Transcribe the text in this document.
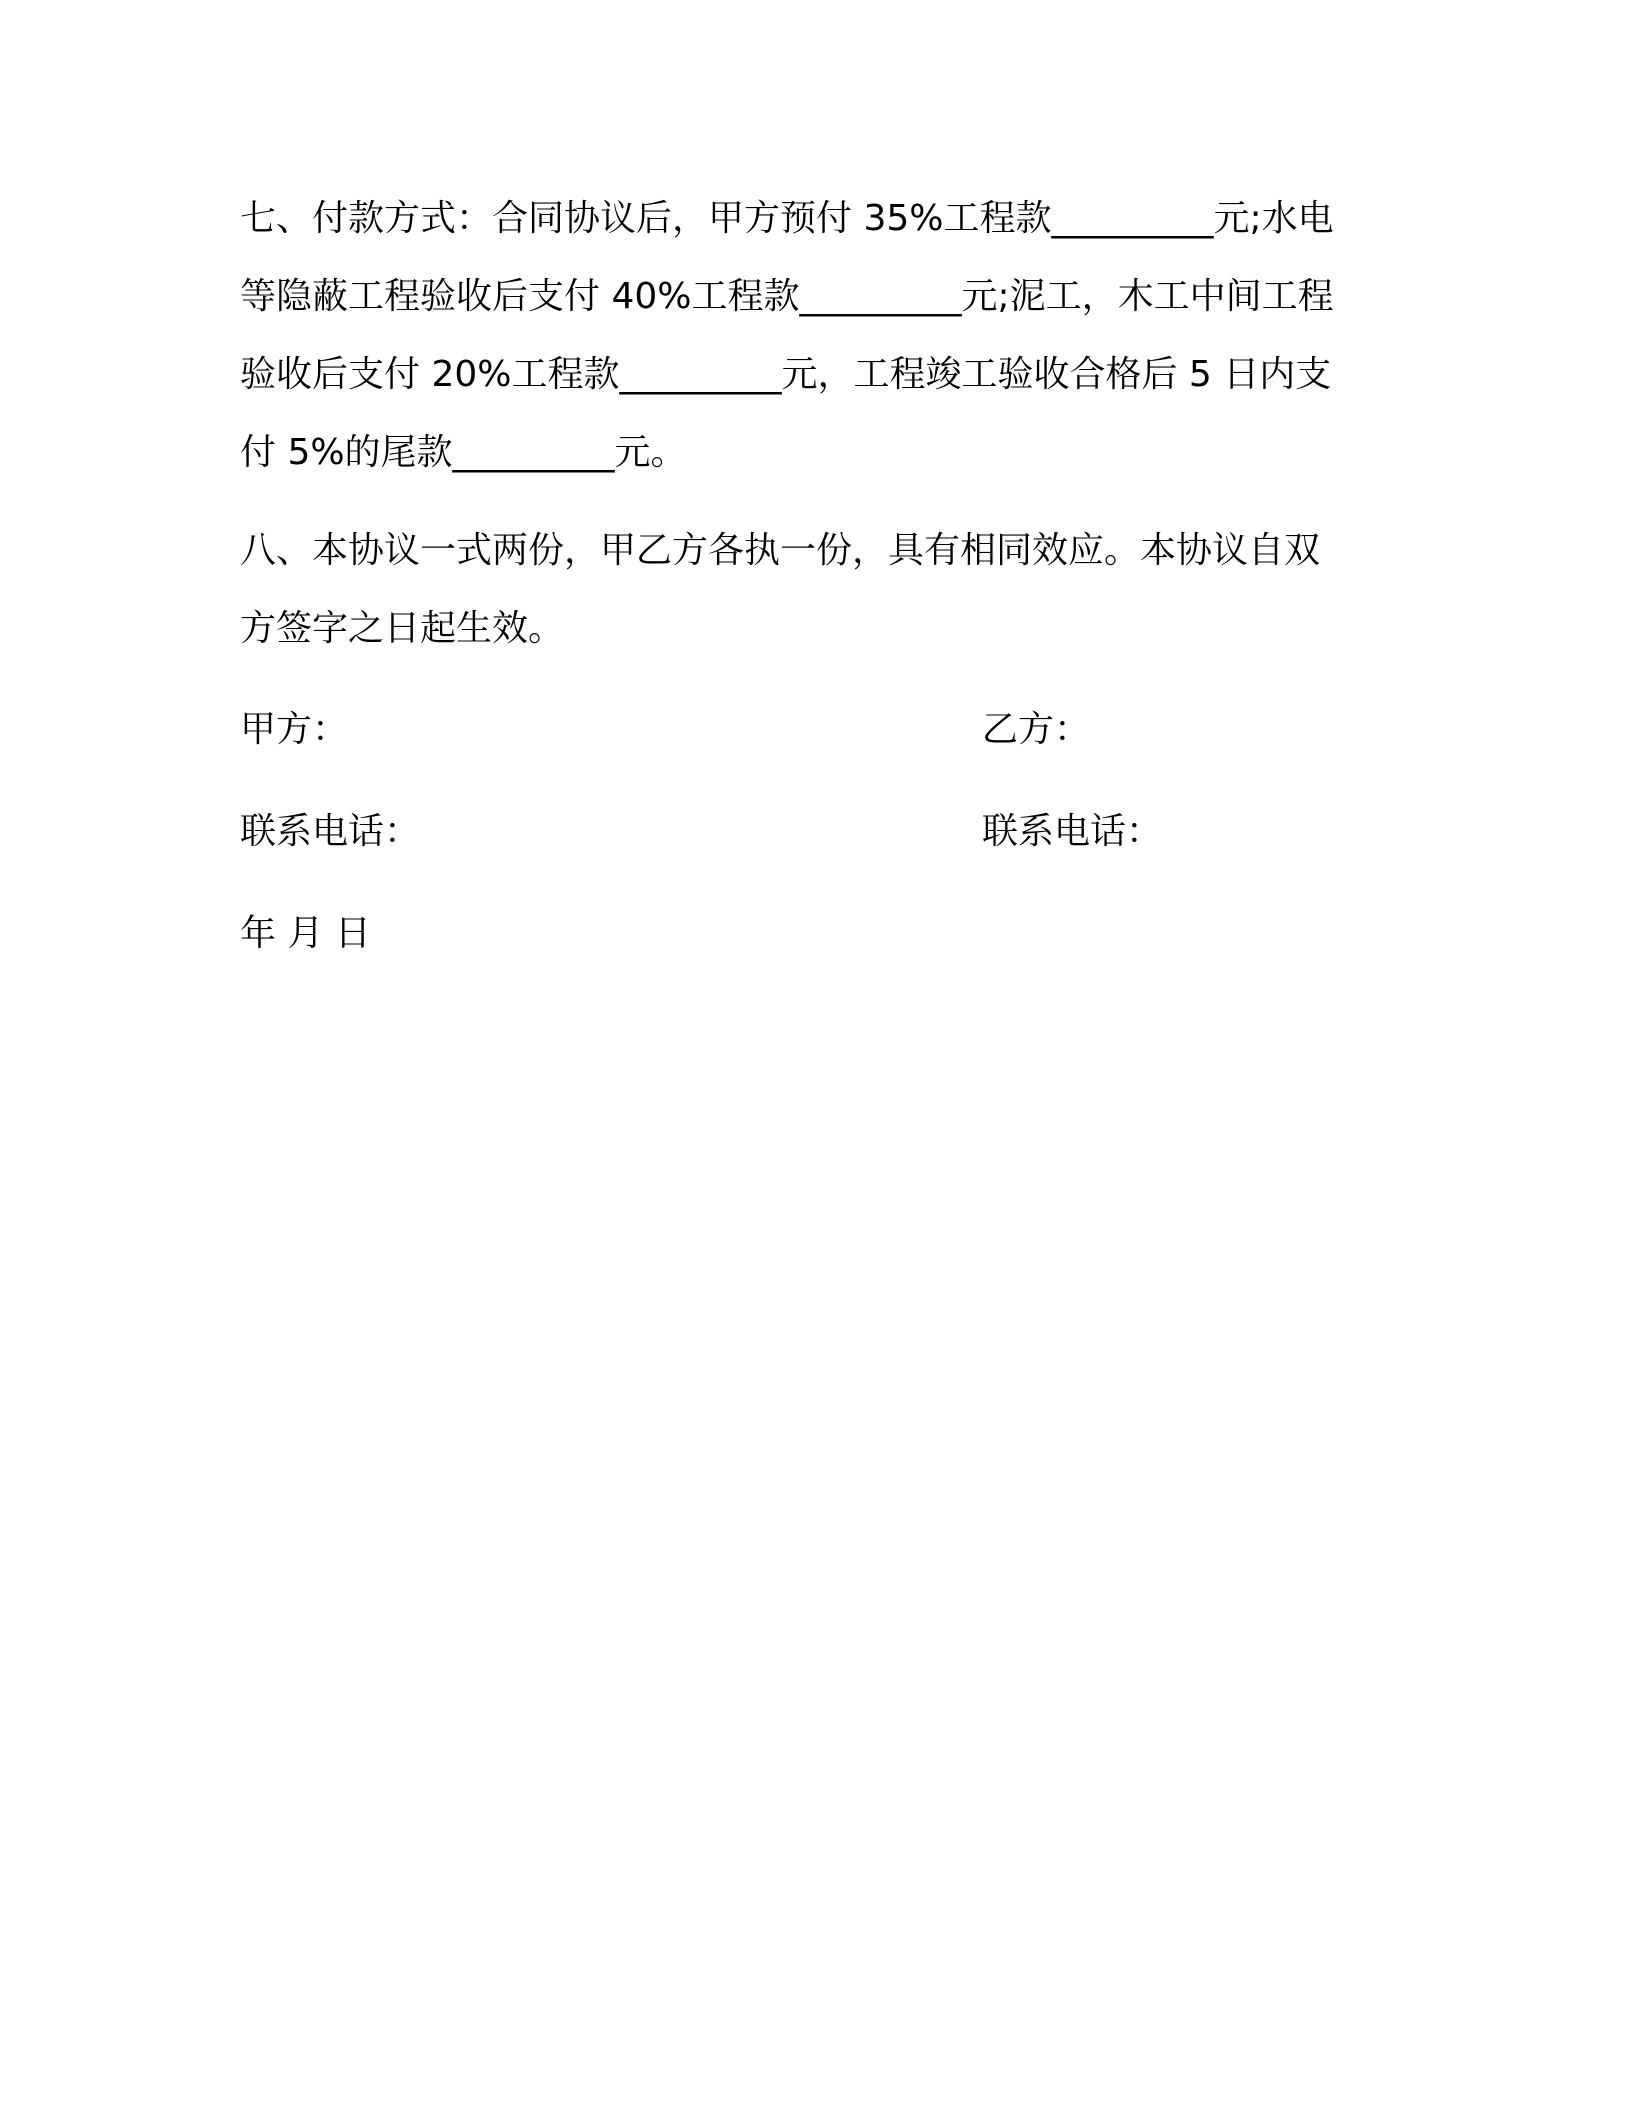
七、付款方式：合同协议后，甲方预付 35%工程款_________元;水电
等隐蔽工程验收后支付 40%工程款_________元;泥工，木工中间工程
验收后支付 20%工程款_________元，工程竣工验收合格后 5 日内支
付 5%的尾款_________元。
八、本协议一式两份，甲乙方各执一份，具有相同效应。本协议自双
方签字之日起生效。
甲方：	乙方：
联系电话：	联系电话：
年 月 日
